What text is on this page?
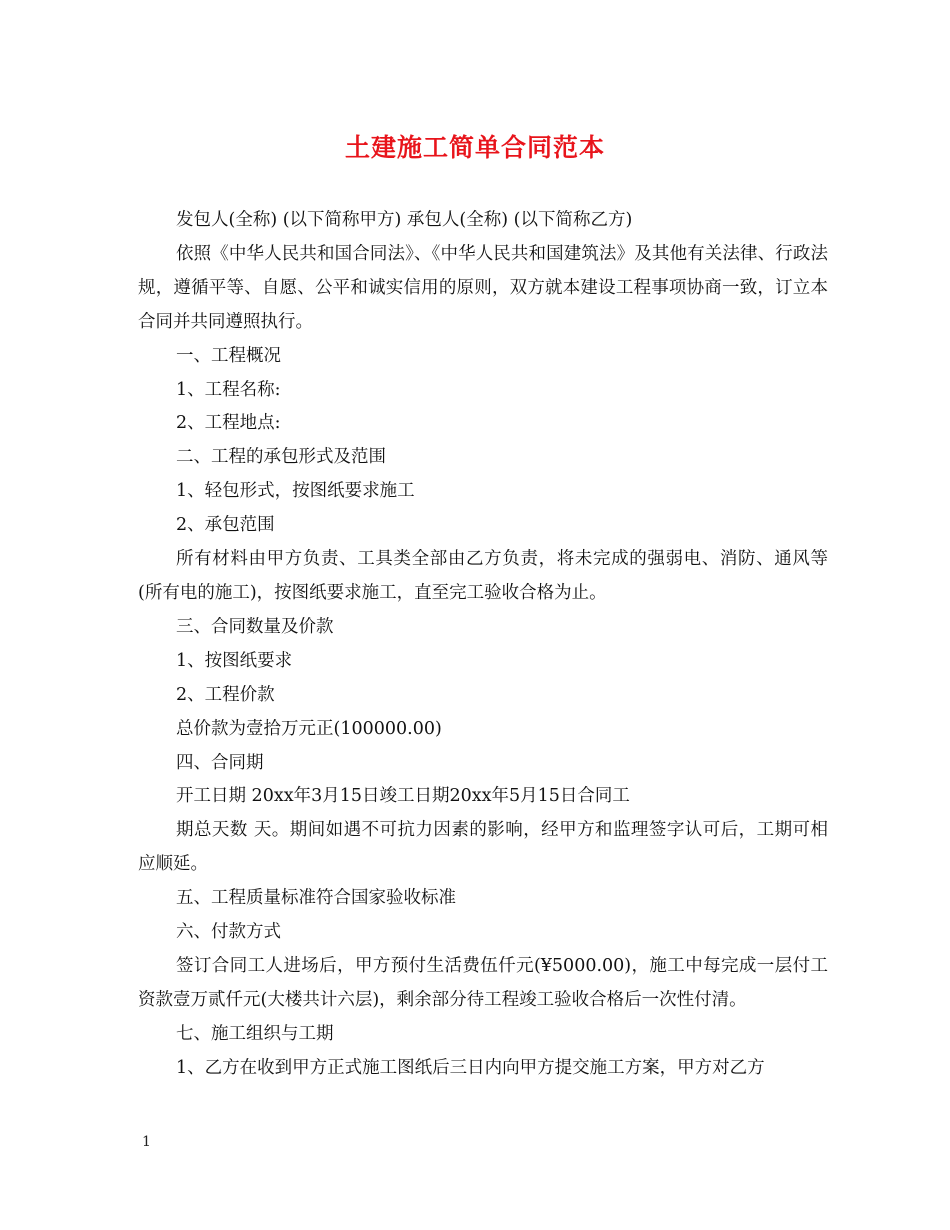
土建施工简单合同范本

发包人(全称) (以下简称甲方) 承包人(全称) (以下简称乙方)

依照《中华人民共和国合同法》、《中华人民共和国建筑法》及其他有关法律、行政法规，遵循平等、自愿、公平和诚实信用的原则，双方就本建设工程事项协商一致，订立本合同并共同遵照执行。

一、工程概况

1、工程名称:

2、工程地点:

二、工程的承包形式及范围

1、轻包形式，按图纸要求施工

2、承包范围

所有材料由甲方负责、工具类全部由乙方负责，将未完成的强弱电、消防、通风等(所有电的施工)，按图纸要求施工，直至完工验收合格为止。

三、合同数量及价款

1、按图纸要求

2、工程价款

总价款为壹拾万元正(100000.00)

四、合同期

开工日期 20xx年3月15日竣工日期20xx年5月15日合同工

期总天数 天。期间如遇不可抗力因素的影响，经甲方和监理签字认可后，工期可相应顺延。

五、工程质量标准符合国家验收标准

六、付款方式

签订合同工人进场后，甲方预付生活费伍仟元(¥5000.00)，施工中每完成一层付工资款壹万贰仟元(大楼共计六层)，剩余部分待工程竣工验收合格后一次性付清。

七、施工组织与工期

1、乙方在收到甲方正式施工图纸后三日内向甲方提交施工方案，甲方对乙方

1
